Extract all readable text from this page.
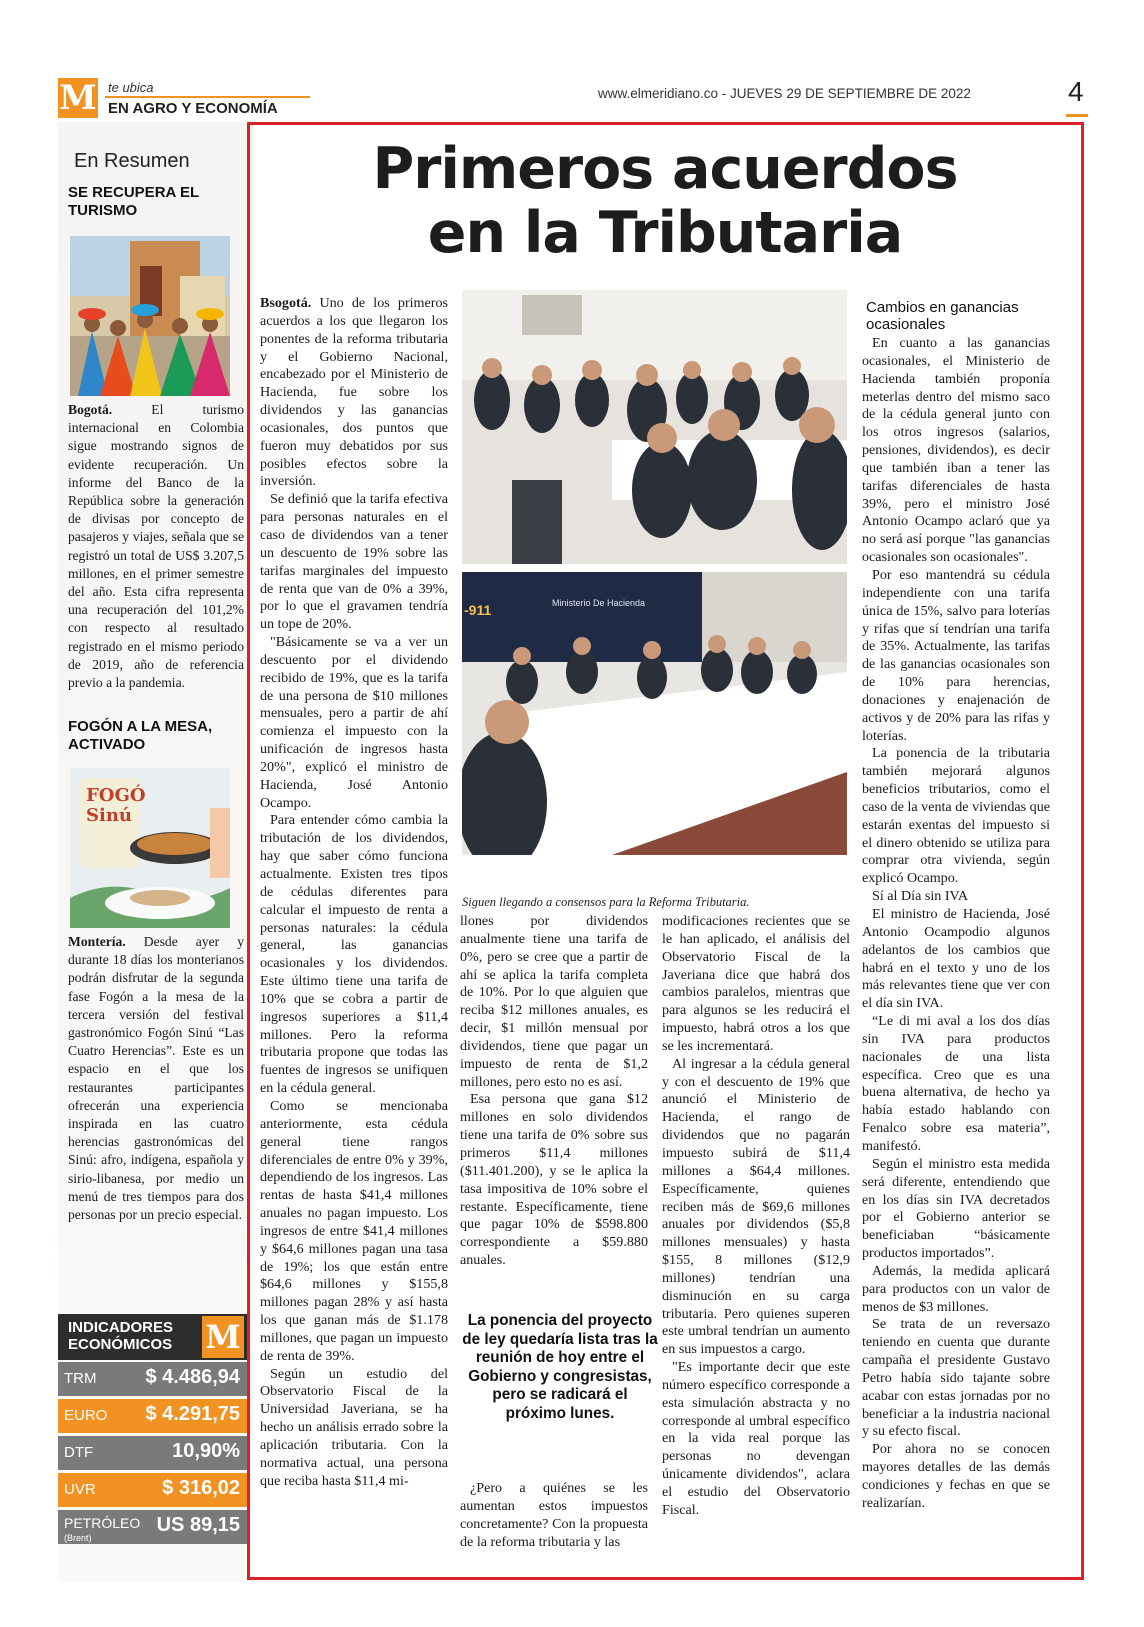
M te ubica
EN AGRO Y ECONOMÍA
www.elmeridiano.co - JUEVES 29 DE SEPTIEMBRE DE 2022	4
En Resumen
SE RECUPERA EL TURISMO
Bogotá. El turismo internacional en Colombia sigue mostrando signos de evidente recuperación. Un informe del Banco de la República sobre la generación de divisas por concepto de pasajeros y viajes, señala que se registró un total de US$ 3.207,5 millones, en el primer semestre del año. Esta cifra representa una recuperación del 101,2% con respecto al resultado registrado en el mismo periodo de 2019, año de referencia previo a la pandemia.
FOGÓN A LA MESA, ACTIVADO
FOGÓ Sinú
Montería. Desde ayer y durante 18 días los monterianos podrán disfrutar de la segunda fase Fogón a la mesa de la tercera versión del festival gastronómico Fogón Sinú “Las Cuatro Herencias”. Este es un espacio en el que los restaurantes participantes ofrecerán una experiencia inspirada en las cuatro herencias gastronómicas del Sinú: afro, indígena, española y sirio-libanesa, por medio un menú de tres tiempos para dos personas por un precio especial.
INDICADORES
ECONÓMICOS M
TRM $ 4.486,94
EURO $ 4.291,75
DTF	10,90%
UVR	$ 316,02
PETRÓLEO
(Brent)
US 89,15
Primeros acuerdos
en la Tributaria

Bsogotá. Uno de los primeros acuerdos a los que llegaron los ponentes de la reforma tributaria y el Gobierno Nacional, encabezado por el Ministerio de Hacienda, fue sobre los dividendos y las ganancias ocasionales, dos puntos que fueron muy debatidos por sus posibles efectos sobre la inversión.

Se definió que la tarifa efectiva para personas naturales en el caso de dividendos van a tener un descuento de 19% sobre las tarifas marginales del impuesto de renta que van de 0% a 39%, por lo que el gravamen tendría un tope de 20%.

"Básicamente se va a ver un descuento por el dividendo recibido de 19%, que es la tarifa de una persona de $10 millones mensuales, pero a partir de ahí comienza el impuesto con la unificación de ingresos hasta 20%", explicó el ministro de Hacienda, José Antonio Ocampo.

Para entender cómo cambia la tributación de los dividendos, hay que saber cómo funciona actualmente. Existen tres tipos de cédulas diferentes para calcular el impuesto de renta a personas naturales: la cédula general, las ganancias ocasionales y los dividendos. Este último tiene una tarifa de 10% que se cobra a partir de ingresos superiores a $11,4 millones. Pero la reforma tributaria propone que todas las fuentes de ingresos se unifiquen en la cédula general.

Como se mencionaba anteriormente, esta cédula general tiene rangos diferenciales de entre 0% y 39%, dependiendo de los ingresos. Las rentas de hasta $41,4 millones anuales no pagan impuesto. Los ingresos de entre $41,4 millones y $64,6 millones pagan una tasa de 19%; los que están entre $64,6 millones y $155,8 millones pagan 28% y así hasta los que ganan más de $1.178 millones, que pagan un impuesto de renta de 39%.

Según un estudio del Observatorio Fiscal de la Universidad Javeriana, se ha hecho un análisis errado sobre la aplicación tributaria. Con la normativa actual, una persona que reciba hasta $11,4 mi-

-911	Ministerio De Hacienda
Siguen llegando a consensos para la Reforma Tributaria.

llones por dividendos anualmente tiene una tarifa de 0%, pero se cree que a partir de ahí se aplica la tarifa completa de 10%. Por lo que alguien que reciba $12 millones anuales, es decir, $1 millón mensual por dividendos, tiene que pagar un impuesto de renta de $1,2 millones, pero esto no es así.

Esa persona que gana $12 millones en solo dividendos tiene una tarifa de 0% sobre sus primeros $11,4 millones ($11.401.200), y se le aplica la tasa impositiva de 10% sobre el restante. Específicamente, tiene que pagar 10% de $598.800 correspondiente a $59.880 anuales.

La ponencia del proyecto de ley quedaría lista tras la reunión de hoy entre el Gobierno y congresistas, pero se radicará el próximo lunes.

¿Pero a quiénes se les aumentan estos impuestos concretamente? Con la propuesta de la reforma tributaria y las

modificaciones recientes que se le han aplicado, el análisis del Observatorio Fiscal de la Javeriana dice que habrá dos cambios paralelos, mientras que para algunos se les reducirá el impuesto, habrá otros a los que se les incrementará.

Al ingresar a la cédula general y con el descuento de 19% que anunció el Ministerio de Hacienda, el rango de dividendos que no pagarán impuesto subirá de $11,4 millones a $64,4 millones. Específicamente, quienes reciben más de $69,6 millones anuales por dividendos ($5,8 millones mensuales) y hasta $155, 8 millones ($12,9 millones) tendrían una disminución en su carga tributaria. Pero quienes superen este umbral tendrían un aumento en sus impuestos a cargo.

"Es importante decir que este número específico corresponde a esta simulación abstracta y no corresponde al umbral específico en la vida real porque las personas no devengan únicamente dividendos", aclara el estudio del Observatorio Fiscal.

Cambios en ganancias ocasionales

En cuanto a las ganancias ocasionales, el Ministerio de Hacienda también proponía meterlas dentro del mismo saco de la cédula general junto con los otros ingresos (salarios, pensiones, dividendos), es decir que también iban a tener las tarifas diferenciales de hasta 39%, pero el ministro José Antonio Ocampo aclaró que ya no será así porque "las ganancias ocasionales son ocasionales".

Por eso mantendrá su cédula independiente con una tarifa única de 15%, salvo para loterías y rifas que sí tendrían una tarifa de 35%. Actualmente, las tarifas de las ganancias ocasionales son de 10% para herencias, donaciones y enajenación de activos y de 20% para las rifas y loterías.

La ponencia de la tributaria también mejorará algunos beneficios tributarios, como el caso de la venta de viviendas que estarán exentas del impuesto si el dinero obtenido se utiliza para comprar otra vivienda, según explicó Ocampo.

Sí al Día sin IVA

El ministro de Hacienda, José Antonio Ocampodio algunos adelantos de los cambios que habrá en el texto y uno de los más relevantes tiene que ver con el día sin IVA.

“Le di mi aval a los dos días sin IVA para productos nacionales de una lista específica. Creo que es una buena alternativa, de hecho ya había estado hablando con Fenalco sobre esa materia”, manifestó.

Según el ministro esta medida será diferente, entendiendo que en los días sin IVA decretados por el Gobierno anterior se beneficiaban “básicamente productos importados”.

Además, la medida aplicará para productos con un valor de menos de $3 millones.

Se trata de un reversazo teniendo en cuenta que durante campaña el presidente Gustavo Petro había sido tajante sobre acabar con estas jornadas por no beneficiar a la industria nacional y su efecto fiscal.

Por ahora no se conocen mayores detalles de las demás condiciones y fechas en que se realizarían.
